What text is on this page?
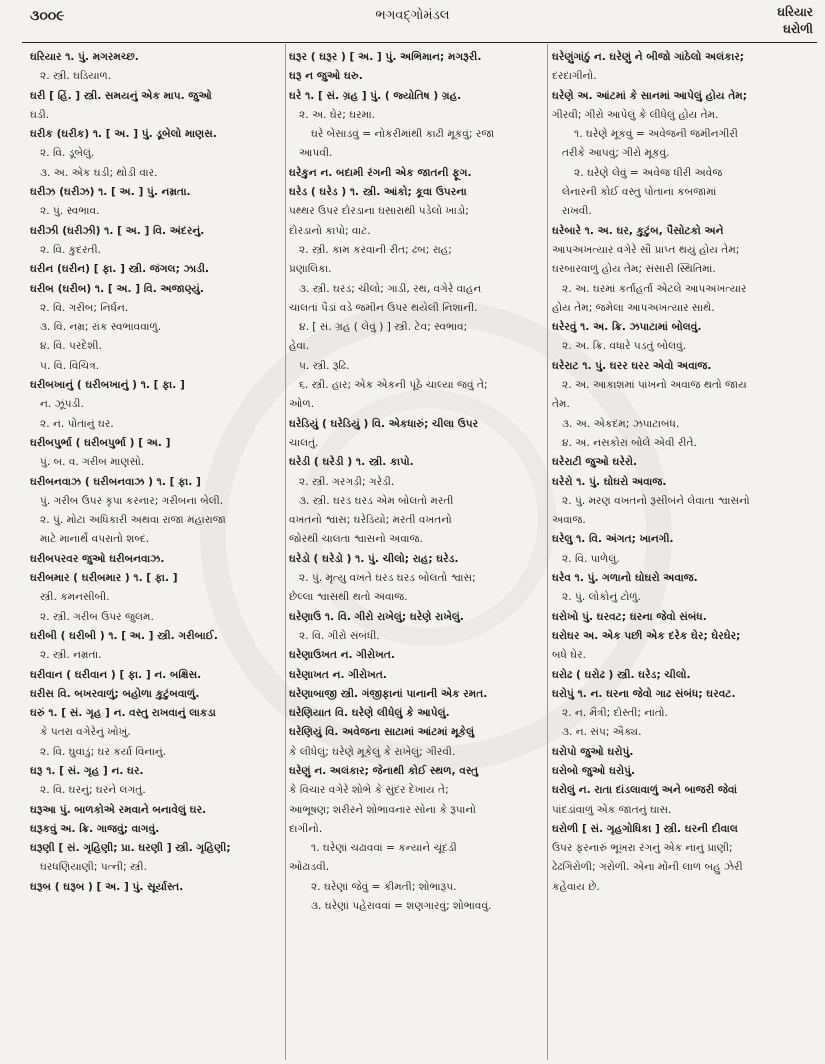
૩૦૦૯	ભગવદ્ગોમંડલ	ઘરિયાર
ઘરોળી
ઘરિયાર ૧. પું. મગરમચ્છ.
૨. સ્ત્રી. ઘડિયાળ.
ઘરી [ હિં. ] સ્ત્રી. સમયનું એક માપ. જુઓ
ઘડી.
ઘરીક (ઘરીક) ૧. [ અ. ] પું. ડૂબેલો માણસ.
૨. વિ. ડૂબેલું.
૩. અ. એક ઘડી; થોડી વાર.
ઘરીઝ (ઘરીઝ) ૧. [ અ. ] પું. નમ્રતા.
૨. પું. સ્વભાવ.
ઘરીઝી (ઘરીઝી) ૧. [ અ. ] વિ. અંદરનું.
૨. વિ. કુદરતી.
ઘરીન (ઘરીન) [ ફા. ] સ્ત્રી. જંગલ; ઝાડી.
ઘરીબ (ઘરીબ) ૧. [ અ. ] વિ. અજાણ્યું.
૨. વિ. ગરીબ; નિર્ધન.
૩. વિ. નમ્ર; રાંક સ્વભાવવાળું.
૪. વિ. પરદેશી.
૫. વિ. વિચિત્ર.
ઘરીબખાનું ( ઘરીબખાનું ) ૧. [ ફા. ]
ન. ઝૂંપડી.
૨. ન. પોતાનું ઘર.
ઘરીબપુર્ભા ( ઘરીબપુર્ભા ) [ અ. ]
પું. બ. વ. ગરીબ માણસો.
ઘરીબનવાઝ ( ઘરીબનવાઝ ) ૧. [ ફા. ]
પું. ગરીબ ઉપર કૃપા કરનાર; ગરીબના બેલી.
૨. પું. મોટા અધિકારી અથવા રાજા મહારાજા
માટે માનાર્થે વપરાતો શબ્દ.
ઘરીબપરવર જુઓ ઘરીબનવાઝ.
ઘરીબમાર ( ઘરીબમાર ) ૧. [ ફા. ]
સ્ત્રી. કમનસીબી.
૨. સ્ત્રી. ગરીબ ઉપર જુલમ.
ઘરીબી ( ઘરીબી ) ૧. [ અ. ] સ્ત્રી. ગરીબાઈ.
૨. સ્ત્રી. નમ્રતા.
ઘરીવાન ( ઘરીવાન ) [ ફા. ] ન. બક્ષિસ.
ઘરીસ વિ. બખરવાળું; બહોળા કુટુંબવાળું.
ઘરું ૧. [ સં. ગૃહ ] ન. વસ્તુ રાખવાનું લાકડા
કે પતરા વગેરેનું ખોખું.
૨. વિ. ઘુવાડું; ઘર કર્યા વિનાનું.
ઘરૂ ૧. [ સં. ગૃહ ] ન. ઘર.
૨. વિ. ઘરનું; ઘરને લગતું.
ઘરૂઆ પું. બાળકોએ રમવાને બનાવેલું ઘર.
ઘરૂકવું અ. ક્રિ. ગાજવું; વાગવું.
ઘરૂણી [ સં. ગૃહિણી; પ્રા. ઘરણી ] સ્ત્રી. ગૃહિણી;
ઘરધણિયાણી; પત્ની; સ્ત્રી.
ઘરૂબ ( ઘરૂબ ) [ અ. ] પું. સૂર્યાસ્ત.
ઘરૂર ( ઘરૂર ) [ અ. ] પું. અભિમાન; મગરૂરી.
ઘરૂ ન જુઓ ઘરુ.
ઘરે ૧. [ સં. ગ્રહ ] પું. ( જ્યોતિષ ) ગ્રહ.
૨. અ. ઘેર; ઘરમાં.
ઘરે બેસાડવું = નોકરીમાંથી કાઢી મૂકવું; રજા
આપવી.
ઘરેકુન ન. બદામી રંગની એક જાતની ફૂગ.
ઘરેડ ( ઘરેડ ) ૧. સ્ત્રી. આંકો; કૂવા ઉપરના
પથ્થર ઉપર દોરડાના ઘસારાથી પડેલો ખાડો;
દોરડાનો કાપો; વાટ.
૨. સ્ત્રી. કામ કરવાની રીત; ઢબ; રાહ;
પ્રણાલિકા.
૩. સ્ત્રી. ઘરડ; ચીલો; ગાડી, રથ, વગેરે વાહન
ચાલતાં પૈડાં વડે જમીન ઉપર થયેલી નિશાની.
૪. [ સં. ગ્રહ ( લેવું ) ] સ્ત્રી. ટેવ; સ્વભાવ;
હેવા.
૫. સ્ત્રી. રૂઢિ.
૬. સ્ત્રી. હાર; એક એકની પૂંઠે ચાલ્યા જવું તે;
ઓળ.
ઘરેડિયું ( ઘરેડિયું ) વિ. એકધારું; ચીલા ઉપર
ચાલતું.
ઘરેડી ( ઘરેડી ) ૧. સ્ત્રી. કાપો.
૨. સ્ત્રી. ગરગડી; ગરેડી.
૩. સ્ત્રી. ઘરડ ઘરડ એમ બોલતો મરતી
વખતનો શ્વાસ; ઘરેડિયો; મરતી વખતનો
જોરથી ચાલતા શ્વાસનો અવાજ.
ઘરેડો ( ઘરેડો ) ૧. પું. ચીલો; રાહ; ઘરેડ.
૨. પું. મૃત્યુ વખતે ઘરડ ઘરડ બોલતો શ્વાસ;
છેલ્લા શ્વાસથી થતો અવાજ.
ઘરેણાઉ ૧. વિ. ગીરો રાખેલું; ઘરેણે રાખેલું.
૨. વિ. ગીરો સંબંધી.
ઘરેણાઉખત ન. ગીરોખત.
ઘરેણાખત ન. ગીરોખત.
ઘરેણાબાજી સ્ત્રી. ગંજીફાનાં પાનાની એક રમત.
ઘરેણિયાત વિ. ઘરેણે લીધેલું કે આપેલું.
ઘરેણિયું વિ. અવેજના સાટામાં આંટમાં મૂકેલું
કે લીધેલું; ઘરેણે મૂકેલું કે રાખેલું; ગીરવી.
ઘરેણું ન. અલંકાર; જેનાથી કોઈ સ્થળ, વસ્તુ
કે વિચાર વગેરે શોભે કે સુંદર દેખાય તે;
આભૂષણ; શરીરને શોભાવનાર સોના કે રૂપાનો
દાગીનો.
૧. ઘરેણાં ચઢાવવાં = કન્યાને ચૂંદડી
ઓઢાડવી.
૨. ઘરેણાં જેવું = કીમતી; શોભારૂપ.
૩. ઘરેણાં પહેરાવવાં = શણગારવું; શોભાવવું.
ઘરેણુંગાંઠું ન. ઘરેણું ને બીજો ગાંઠેલો અલંકાર;
દરદાગીનો.
ઘરેણે અ. આંટમાં કે સાનમાં આપેલું હોય તેમ;
ગીરવી; ગીરો આપેલું કે લીધેલું હોય તેમ.
૧. ઘરેણે મૂકવું = અવેજની જમીનગીરી
તરીકે આપવું; ગીરો મૂકવું.
૨. ઘરેણે લેવું = અવેજ ધીરી અવેજ
લેનારની કોઈ વસ્તુ પોતાના કબજામાં
રાખવી.
ઘરેબારે ૧. અ. ઘર, કુટુંબ, પૈસોટકો અને
આપઅખત્યાર વગેરે સૌ પ્રાપ્ત થયું હોય તેમ;
ઘરબારવાળું હોય તેમ; સંસારી સ્થિતિમાં.
૨. અ. ઘરમાં કર્તાહર્તા એટલે આપઅખત્યાર
હોય તેમ; જમેલા આપઅખત્યાર સાથે.
ઘરેરવું ૧. અ. ક્રિ. ઝપાટામાં બોલવું.
૨. અ. ક્રિ. વધારે પડતું બોલવું.
ઘરેરાટ ૧. પું. ઘરર ઘરર એવો અવાજ.
૨. અ. આકાશમાં પાંખનો અવાજ થતો જાય
તેમ.
૩. અ. એકદમ; ઝપાટાબંધ.
૪. અ. નસકોરાં બોલે એવી રીતે.
ઘરેરાટી જુઓ ઘરેરો.
ઘરેરો ૧. પું. ઘોઘરો અવાજ.
૨. પું. મરણ વખતનો રૂસીબંને લેવાતા શ્વાસનો
અવાજ.
ઘરેલુ ૧. વિ. અંગત; ખાનગી.
૨. વિ. પાળેલું.
ઘરેવ ૧. પું. ગળાનો ઘોઘરો અવાજ.
૨. પું. લોકોનું ટોળું.
ઘરોખો પું. ઘરવટ; ઘરના જેવો સંબંધ.
ઘરોઘર અ. એક પછી એક દરેક ઘેર; ઘેરઘેર;
બધે ઘેર.
ઘરોઢ ( ઘરોઢ ) સ્ત્રી. ઘરેડ; ચીલો.
ઘરોપું ૧. ન. ઘરના જેવો ગાઢ સંબંધ; ઘરવટ.
૨. ન. મૈત્રી; દોસ્તી; નાતો.
૩. ન. સંપ; ઐક્ય.
ઘરોપો જુઓ ઘરોપું.
ઘરોબો જુઓ ઘરોપું.
ઘરોલું ન. રાતા દાંડલાવાળું અને બાજરી જેવાં
પાંદડાંવાળું એક જાતનું ઘાસ.
ઘરોળી [ સં. ગૃહગોધિકા ] સ્ત્રી. ઘરની દીવાલ
ઉપર ફરનારું ભૂખરા રંગનું એક નાનું પ્રાણી;
ઢેઢગિરોળી; ગરોળી. એના મોંની લાળ બહુ ઝેરી
કહેવાય છે.
